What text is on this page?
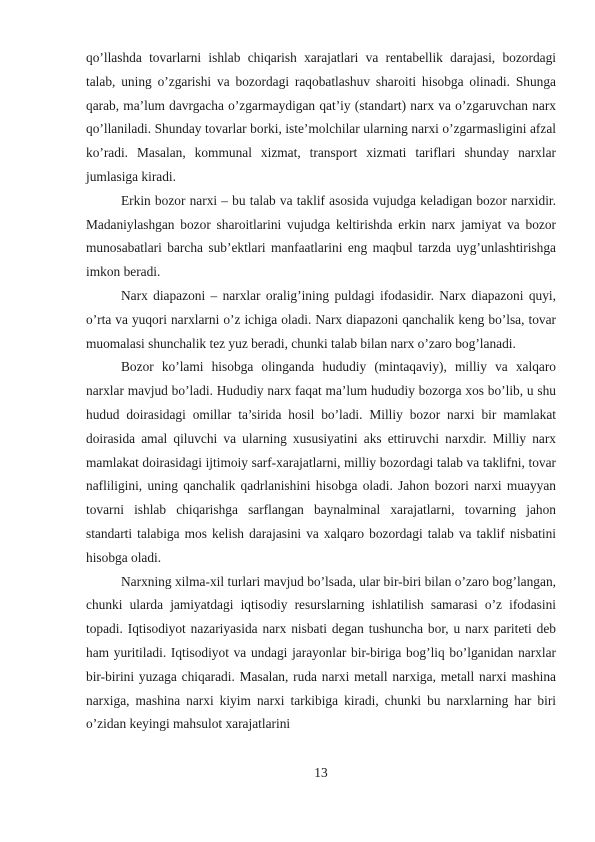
qo’llashda tovarlarni ishlab chiqarish xarajatlari va rentabellik darajasi, bozordagi talab, uning o’zgarishi va bozordagi raqobatlashuv sharoiti hisobga olinadi. Shunga qarab, ma’lum davrgacha o’zgarmaydigan qat’iy (standart) narx va o’zgaruvchan narx qo’llaniladi. Shunday tovarlar borki, iste’molchilar ularning narxi o’zgarmasligini afzal ko’radi. Masalan, kommunal xizmat, transport xizmati tariflari shunday narxlar jumlasiga kiradi.

Erkin bozor narxi – bu talab va taklif asosida vujudga keladigan bozor narxidir. Madaniylashgan bozor sharoitlarini vujudga keltirishda erkin narx jamiyat va bozor munosabatlari barcha sub’ektlari manfaatlarini eng maqbul tarzda uyg’unlashtirishga imkon beradi.

Narx diapazoni – narxlar oralig’ining puldagi ifodasidir. Narx diapazoni quyi, o’rta va yuqori narxlarni o’z ichiga oladi. Narx diapazoni qanchalik keng bo’lsa, tovar muomalasi shunchalik tez yuz beradi, chunki talab bilan narx o’zaro bog’lanadi.

Bozor ko’lami hisobga olinganda hududiy (mintaqaviy), milliy va xalqaro narxlar mavjud bo’ladi. Hududiy narx faqat ma’lum hududiy bozorga xos bo’lib, u shu hudud doirasidagi omillar ta’sirida hosil bo’ladi. Milliy bozor narxi bir mamlakat doirasida amal qiluvchi va ularning xususiyatini aks ettiruvchi narxdir. Milliy narx mamlakat doirasidagi ijtimoiy sarf-xarajatlarni, milliy bozordagi talab va taklifni, tovar nafliligini, uning qanchalik qadrlanishini hisobga oladi. Jahon bozori narxi muayyan tovarni ishlab chiqarishga sarflangan baynalminal xarajatlarni, tovarning jahon standarti talabiga mos kelish darajasini va xalqaro bozordagi talab va taklif nisbatini hisobga oladi.

Narxning xilma-xil turlari mavjud bo’lsada, ular bir-biri bilan o’zaro bog’langan, chunki ularda jamiyatdagi iqtisodiy resurslarning ishlatilish samarasi o’z ifodasini topadi. Iqtisodiyot nazariyasida narx nisbati degan tushuncha bor, u narx pariteti deb ham yuritiladi. Iqtisodiyot va undagi jarayonlar bir-biriga bog’liq bo’lganidan narxlar bir-birini yuzaga chiqaradi. Masalan, ruda narxi metall narxiga, metall narxi mashina narxiga, mashina narxi kiyim narxi tarkibiga kiradi, chunki bu narxlarning har biri o’zidan keyingi mahsulot xarajatlarini

13
